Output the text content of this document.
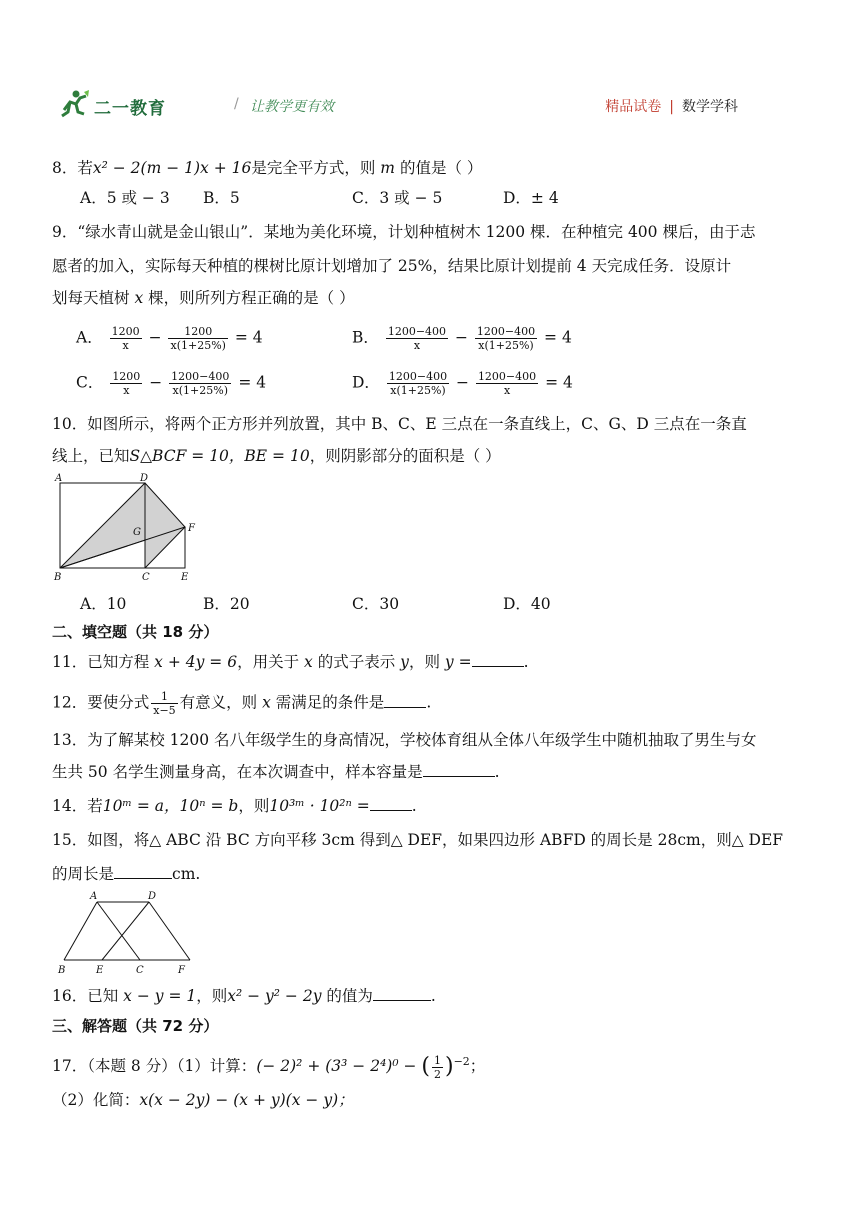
二一教育	/ 让教学更有效	精品试卷 | 数学学科
8．若x² − 2(m − 1)x + 16是完全平方式，则 m 的值是（ ）
A．5 或 − 3 B．5	C．3 或 − 5	D．± 4
9．“绿水青山就是金山银山”．某地为美化环境，计划种植树木 1200 棵．在种植完 400 棵后，由于志
愿者的加入，实际每天种植的棵树比原计划增加了 25%，结果比原计划提前 4 天完成任务．设原计
划每天植树 x 棵，则所列方程正确的是（ ）
A． $\frac{1200}{x} - \frac{1200}{x(1+25\%)} = 4$	B． $\frac{1200-400}{x} - \frac{1200-400}{x(1+25\%)} = 4$
C． $\frac{1200}{x} - \frac{1200-400}{x(1+25\%)} = 4$	D． $\frac{1200-400}{x(1+25\%)} - \frac{1200-400}{x} = 4$
10．如图所示，将两个正方形并列放置，其中 B、C、E 三点在一条直线上，C、G、D 三点在一条直
线上，已知S△BCF = 10，BE = 10，则阴影部分的面积是（ ）
A	D
G	F
B	C	E
A．10	B．20	C．30	D．40
二、填空题（共 18 分）
11．已知方程 x + 4y = 6，用关于 x 的式子表示 y，则 y =	.
12．要使分式 $\frac{1}{x-5}$ 有意义，则 x 需满足的条件是	.
13．为了解某校 1200 名八年级学生的身高情况，学校体育组从全体八年级学生中随机抽取了男生与女
生共 50 名学生测量身高，在本次调查中，样本容量是	.
14．若10ᵐ = a，10ⁿ = b，则10³ᵐ · 10²ⁿ =	.
15．如图，将△ ABC 沿 BC 方向平移 3cm 得到△ DEF，如果四边形 ABFD 的周长是 28cm，则△ DEF
的周长是	cm.
A	D
B	E	C	F
16．已知 x − y = 1，则x² − y² − 2y 的值为	.
三、解答题（共 72 分）
17．（本题 8 分）（1）计算：(− 2)² + (3³ − 2⁴)⁰ − ( $\frac{1}{2} )^{-2}$；
（2）化简：x(x − 2y) − (x + y)(x − y)；
